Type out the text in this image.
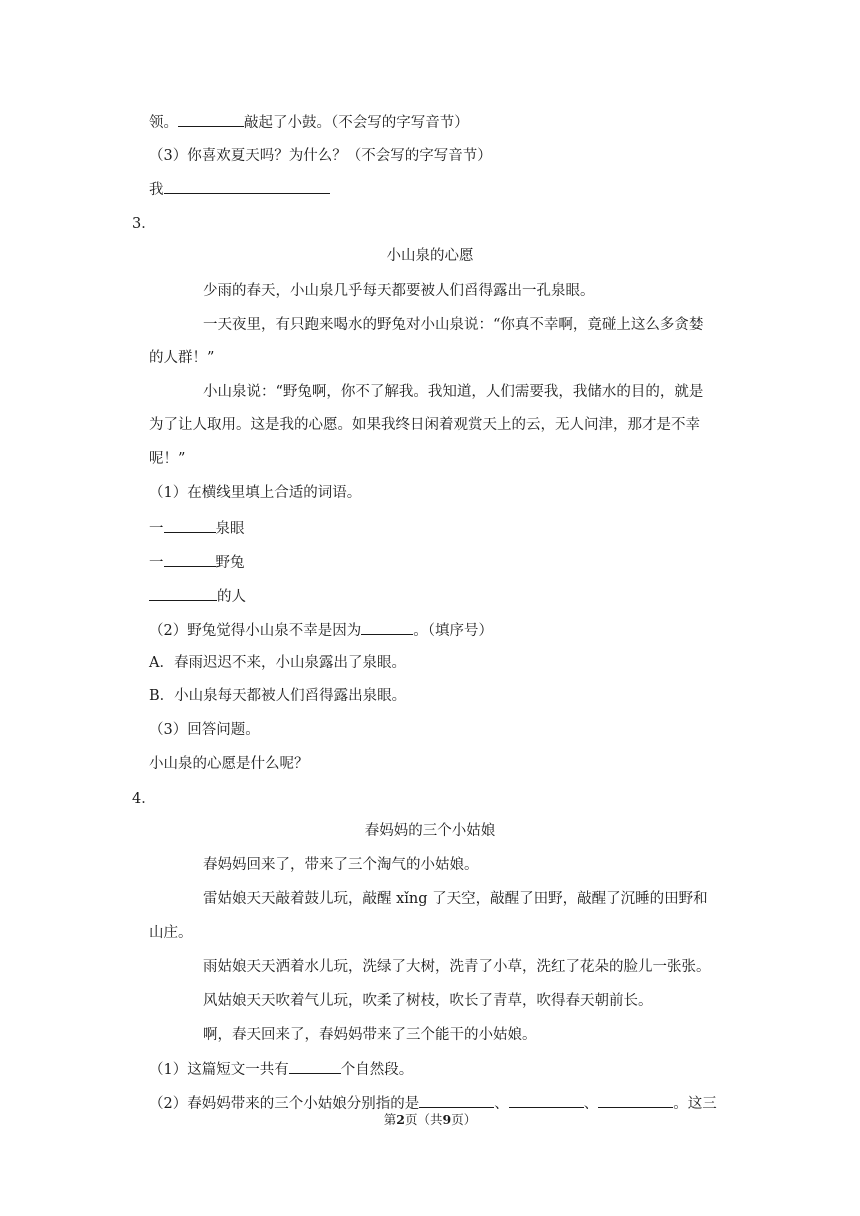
领。	敲起了小鼓。（不会写的字写音节）
（3）你喜欢夏天吗？为什么？（不会写的字写音节）
我
3．
小山泉的心愿
少雨的春天，小山泉几乎每天都要被人们舀得露出一孔泉眼。
一天夜里，有只跑来喝水的野兔对小山泉说：“你真不幸啊，竟碰上这么多贪婪
的人群！”
小山泉说：“野兔啊，你不了解我。我知道，人们需要我，我储水的目的，就是
为了让人取用。这是我的心愿。如果我终日闲着观赏天上的云，无人问津，那才是不幸
呢！”
（1）在横线里填上合适的词语。
一	泉眼
一	野兔
的人
（2）野兔觉得小山泉不幸是因为	。（填序号）
A．春雨迟迟不来，小山泉露出了泉眼。
B．小山泉每天都被人们舀得露出泉眼。
（3）回答问题。
小山泉的心愿是什么呢？
4．
春妈妈的三个小姑娘
春妈妈回来了，带来了三个淘气的小姑娘。
雷姑娘天天敲着鼓儿玩，敲醒 xǐng 了天空，敲醒了田野，敲醒了沉睡的田野和
山庄。
雨姑娘天天洒着水儿玩，洗绿了大树，洗青了小草，洗红了花朵的脸儿一张张。
风姑娘天天吹着气儿玩，吹柔了树枝，吹长了青草，吹得春天朝前长。
啊，春天回来了，春妈妈带来了三个能干的小姑娘。
（1）这篇短文一共有	个自然段。
（2）春妈妈带来的三个小姑娘分别指的是	、	、	。这三
第2页（共9页）
